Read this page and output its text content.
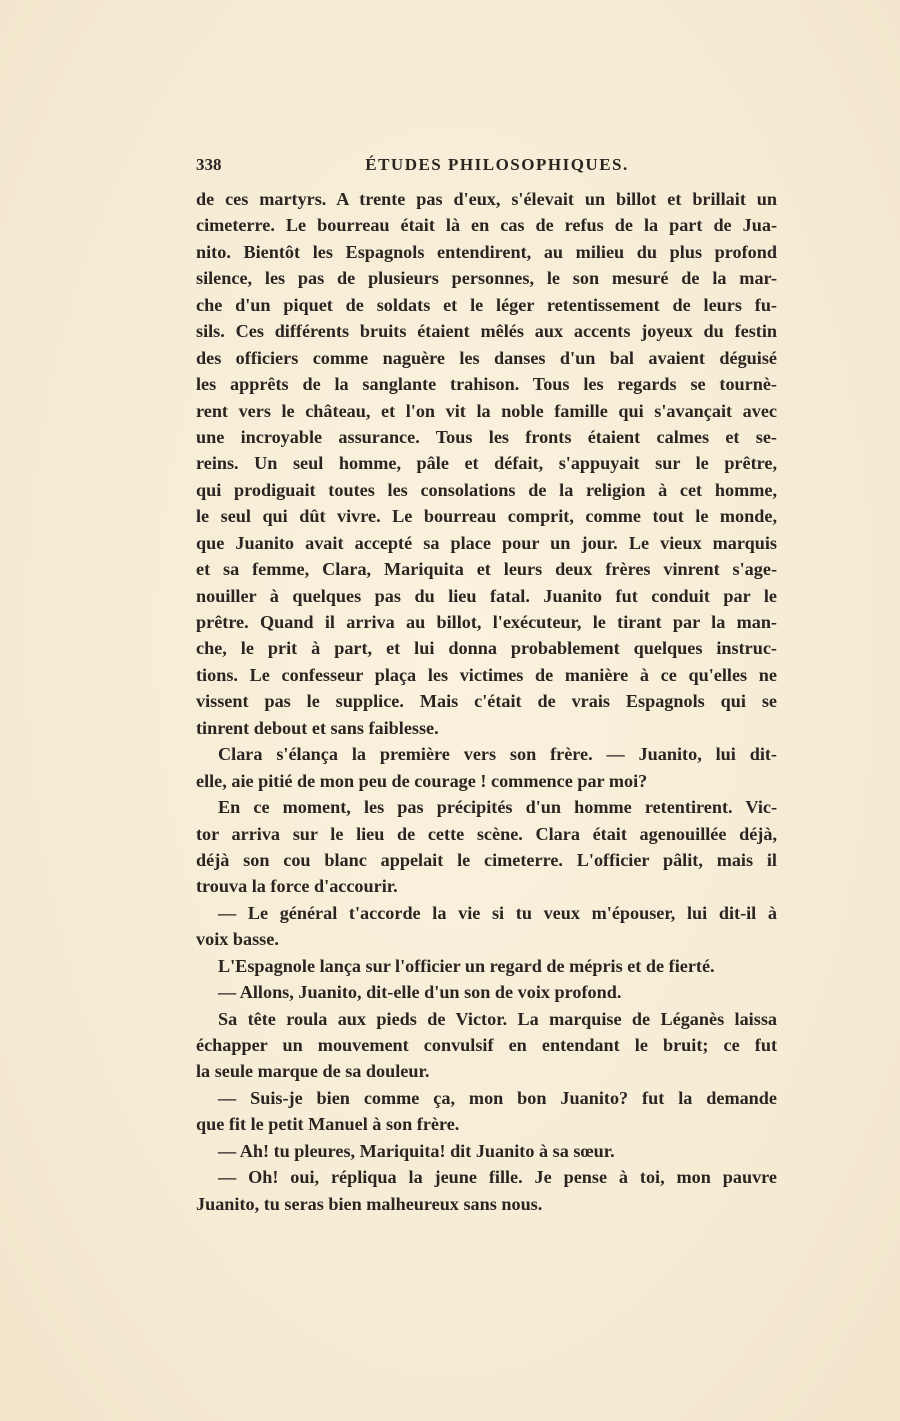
338	ÉTUDES PHILOSOPHIQUES.
de ces martyrs. A trente pas d'eux, s'élevait un billot et brillait un
cimeterre. Le bourreau était là en cas de refus de la part de Jua-
nito. Bientôt les Espagnols entendirent, au milieu du plus profond
silence, les pas de plusieurs personnes, le son mesuré de la mar-
che d'un piquet de soldats et le léger retentissement de leurs fu-
sils. Ces différents bruits étaient mêlés aux accents joyeux du festin
des officiers comme naguère les danses d'un bal avaient déguisé
les apprêts de la sanglante trahison. Tous les regards se tournè-
rent vers le château, et l'on vit la noble famille qui s'avançait avec
une incroyable assurance. Tous les fronts étaient calmes et se-
reins. Un seul homme, pâle et défait, s'appuyait sur le prêtre,
qui prodiguait toutes les consolations de la religion à cet homme,
le seul qui dût vivre. Le bourreau comprit, comme tout le monde,
que Juanito avait accepté sa place pour un jour. Le vieux marquis
et sa femme, Clara, Mariquita et leurs deux frères vinrent s'age-
nouiller à quelques pas du lieu fatal. Juanito fut conduit par le
prêtre. Quand il arriva au billot, l'exécuteur, le tirant par la man-
che, le prit à part, et lui donna probablement quelques instruc-
tions. Le confesseur plaça les victimes de manière à ce qu'elles ne
vissent pas le supplice. Mais c'était de vrais Espagnols qui se
tinrent debout et sans faiblesse.
Clara s'élança la première vers son frère. — Juanito, lui dit-
elle, aie pitié de mon peu de courage ! commence par moi?
En ce moment, les pas précipités d'un homme retentirent. Vic-
tor arriva sur le lieu de cette scène. Clara était agenouillée déjà,
déjà son cou blanc appelait le cimeterre. L'officier pâlit, mais il
trouva la force d'accourir.
— Le général t'accorde la vie si tu veux m'épouser, lui dit-il à
voix basse.
L'Espagnole lança sur l'officier un regard de mépris et de fierté.
— Allons, Juanito, dit-elle d'un son de voix profond.
Sa tête roula aux pieds de Victor. La marquise de Léganès laissa
échapper un mouvement convulsif en entendant le bruit; ce fut
la seule marque de sa douleur.
— Suis-je bien comme ça, mon bon Juanito? fut la demande
que fit le petit Manuel à son frère.
— Ah! tu pleures, Mariquita! dit Juanito à sa sœur.
— Oh! oui, répliqua la jeune fille. Je pense à toi, mon pauvre
Juanito, tu seras bien malheureux sans nous.
